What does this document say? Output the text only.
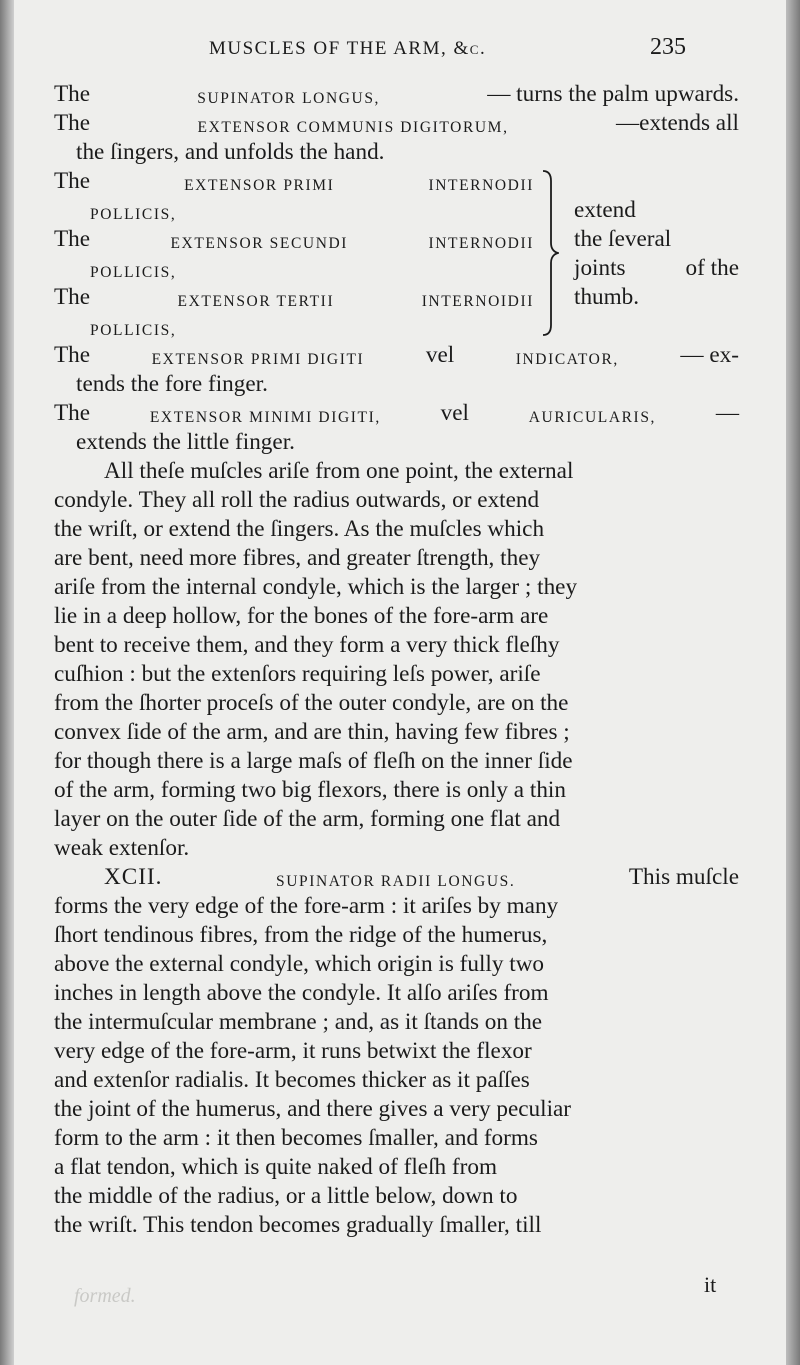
MUSCLES OF THE ARM, &c.	235
The	SUPINATOR LONGUS,	— turns the palm upwards.
The	EXTENSOR COMMUNIS DIGITORUM,	—extends all
the ſingers, and unfolds the hand.
The	EXTENSOR PRIMI	INTERNODII
POLLICIS,
The	EXTENSOR SECUNDI	INTERNODII
POLLICIS,
The	EXTENSOR TERTII	INTERNOIDII
POLLICIS,
extend
the ſeveral
joints	of the
thumb.
The	EXTENSOR PRIMI DIGITI	vel	INDICATOR,	— ex-
tends the fore finger.
The	EXTENSOR MINIMI DIGITI,	vel	AURICULARIS,	—
extends the little finger.
All theſe muſcles ariſe from one point, the external
condyle. They all roll the radius outwards, or extend
the wriſt, or extend the ſingers. As the muſcles which
are bent, need more fibres, and greater ſtrength, they
ariſe from the internal condyle, which is the larger ; they
lie in a deep hollow, for the bones of the fore-arm are
bent to receive them, and they form a very thick fleſhy
cuſhion : but the extenſors requiring leſs power, ariſe
from the ſhorter proceſs of the outer condyle, are on the
convex ſide of the arm, and are thin, having few fibres ;
for though there is a large maſs of fleſh on the inner ſide
of the arm, forming two big flexors, there is only a thin
layer on the outer ſide of the arm, forming one flat and
weak extenſor.
XCII.	SUPINATOR RADII LONGUS.	This muſcle
forms the very edge of the fore-arm : it ariſes by many
ſhort tendinous fibres, from the ridge of the humerus,
above the external condyle, which origin is fully two
inches in length above the condyle. It alſo ariſes from
the intermuſcular membrane ; and, as it ſtands on the
very edge of the fore-arm, it runs betwixt the flexor
and extenſor radialis. It becomes thicker as it paſſes
the joint of the humerus, and there gives a very peculiar
form to the arm : it then becomes ſmaller, and forms
a flat tendon, which is quite naked of fleſh from
the middle of the radius, or a little below, down to
the wriſt. This tendon becomes gradually ſmaller, till
it
formed.
